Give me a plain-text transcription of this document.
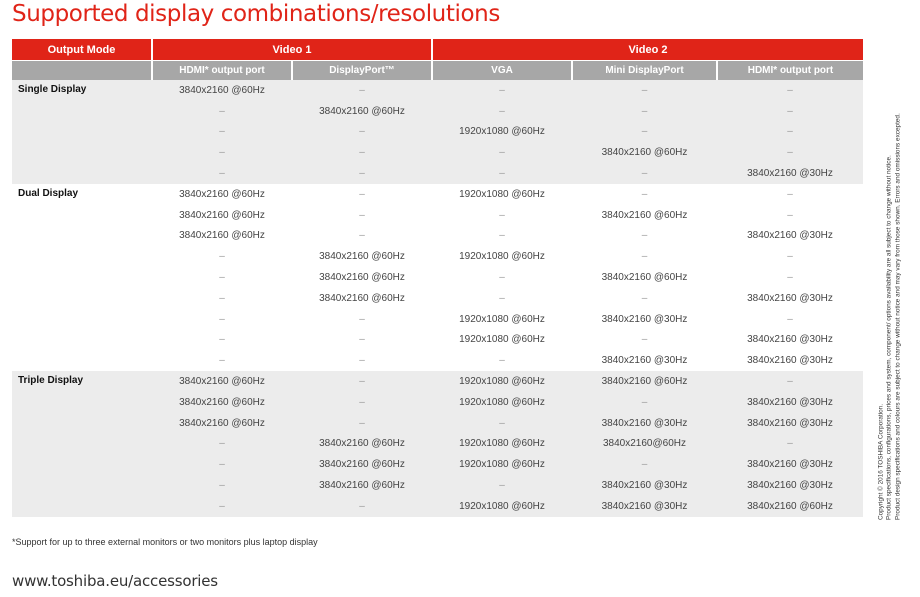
Supported display combinations/resolutions
Output Mode	Video 1		Video 2		
	HDMI* output port	DisplayPort™	VGA	Mini DisplayPort	HDMI* output port
Single Display	3840x2160 @60Hz	–	–	–	–
	–	3840x2160 @60Hz	–	–	–
	–	–	1920x1080 @60Hz	–	–
	–	–	–	3840x2160 @60Hz	–
	–	–	–	–	3840x2160 @30Hz
Dual Display	3840x2160 @60Hz	–	1920x1080 @60Hz	–	–
	3840x2160 @60Hz	–	–	3840x2160 @60Hz	–
	3840x2160 @60Hz	–	–	–	3840x2160 @30Hz
	–	3840x2160 @60Hz	1920x1080 @60Hz	–	–
	–	3840x2160 @60Hz	–	3840x2160 @60Hz	–
	–	3840x2160 @60Hz	–	–	3840x2160 @30Hz
	–	–	1920x1080 @60Hz	3840x2160 @30Hz	–
	–	–	1920x1080 @60Hz	–	3840x2160 @30Hz
	–	–	–	3840x2160 @30Hz	3840x2160 @30Hz
Triple Display	3840x2160 @60Hz	–	1920x1080 @60Hz	3840x2160 @60Hz	–
	3840x2160 @60Hz	–	1920x1080 @60Hz	–	3840x2160 @30Hz
	3840x2160 @60Hz	–	–	3840x2160 @30Hz	3840x2160 @30Hz
	–	3840x2160 @60Hz	1920x1080 @60Hz	3840x2160@60Hz	–
	–	3840x2160 @60Hz	1920x1080 @60Hz	–	3840x2160 @30Hz
	–	3840x2160 @60Hz	–	3840x2160 @30Hz	3840x2160 @30Hz
	–	–	1920x1080 @60Hz	3840x2160 @30Hz	3840x2160 @60Hz
*Support for up to three external monitors or two monitors plus laptop display
www.toshiba.eu/accessories
Copyright © 2016 TOSHIBA Corporation. Product specifications, configurations, prices and system, component/ options availability are all subject to change without notice. Product design specifications and colours are subject to change without notice and may vary from those shown. Errors and omissions excepted.
